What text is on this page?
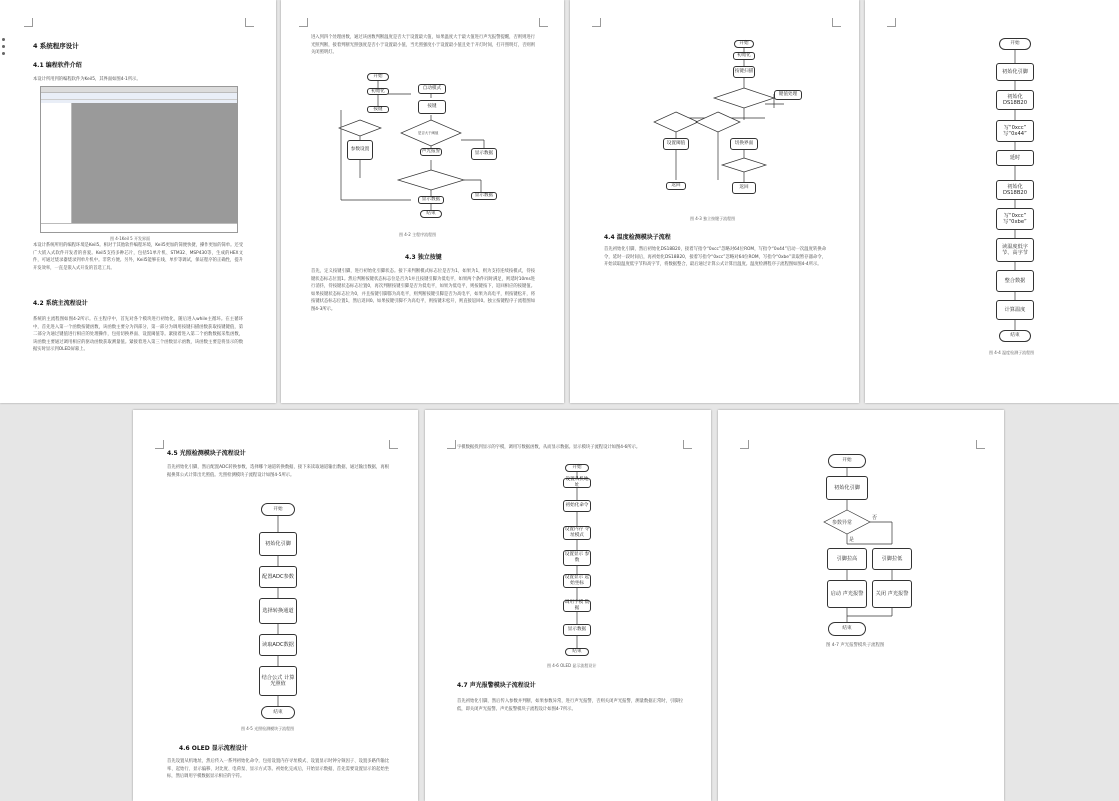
4 系统程序设计
4.1 编程软件介绍
本设计所用到的编程软件为Keil5，其界面如图4-1所示。
图 4-1Keil 5 开发界面
本设计系统所用的编程环境是Keil5。相对于其他软件编程环境，Keil5更加的简便快捷，操作更加的简单。还受广大嵌入式软件开发者的喜爱。Keil5支持多种芯片，包括51单片机、STM32、MSP430等，生成的HEX文件，可通过烧录器烧录到单片机中。非常方便。另外，Keil5能够在线、单步等调试，保证程序的正确性，提升开发效率，一直是嵌入式开发的首选工具。
4.2 系统主流程设计
系统的主流程图如图4-2所示。在主程序中，首先对各个模块进行初始化，随后进入while主循环。在主循环中，首先进入第一个函数按键函数，该函数主要分为四部分，第一部分为调用按键扫描函数获取按键键值，第二部分为通过键值进行相应的处理操作，包括切换界面、设置阈值等。紧接着进入第二个函数数据采集函数，该函数主要通过调用相应的驱动函数获取测量值。紧接着进入第三个函数显示函数，该函数主要是将显示的数据实时显示到OLED屏幕上。
进入到四个处理函数，通过该函数判断温度是否大于设置最大值，如果温度大于最大值进行声光报警提醒，否则则进行光照判断，接着判断光照强度是否小于设置最小值，当光照强度小于设置最小值且处于开灯时间，打开照明灯，否则则关闭照明灯。
开始
初始化
按键
参数设置
自动模式
按键
是否大于阈值
声光报警	显示数据
显示数据
显示数据
结束
图 4-2 主程序流程图
4.3 独立按键
首先，定义按键引脚，进行初始化引脚状态。接下来判断模式标志位是否为1，如果为1，则为支持连续按模式，待按键状态标志位置1。然后判断按键状态标志位是否为1并且按键引脚为低电平，如果两个条件同时满足，则延时10ms进行消抖，待按键状态标志位置0，再次判断按键引脚是否为低电平，如果为低电平，则按键按下，返回相应的按键值。如果按键状态标志位为0，并且按键引脚都为高电平，则判断按键引脚是否为高电平，如果为高电平，则按键松开，将按键状态标志位置1，然后返回0。如果按键引脚不为高电平，则按键未松开，则直接返回0。独立按键程序子流程图如图4-3所示。
开始
初始化
按键扫描
键值处理
设置阈值	切换界面
返回	返回
图 4-3 独立按键子流程图
4.4 温度检测模块子流程
首先初始化引脚，然后初始化DS18B20，接着写指令“0xcc”忽略对64位ROM，写指令“0x44”启动一次温度转换命令，延时一段时间后，再初始化DS18B20，接着写指令“0xcc”忽略对64位ROM，写指令“0xbe”读取暂存器命令，开始读取温度低字节和高字节，将数据整合，最后通过计算公式计算出温度。温度检测程序子流程图如图4-4所示。
开始
初始化引脚
初始化 DS18B20
写“0xcc” 写“0x44”
延时
初始化 DS18B20
写“0xcc” 写“0xbe”
读温度低字 节、高字节
整合数据
计算温度
结束
图 4-4 温度检测子流程图
4.5 光照检测模块子流程设计
首先初始化引脚，然后配置ADC转换参数，选择哪个通道转换数据，接下来读取通道输出数据，通过输出数据，再根据换算公式计算出光照值。光照检测模块子流程设计如图4-5所示。
开始
初始化引脚
配置ADC参数
选择转换通道
读取ADC数据
结合公式 计算光照值
结束
图 4-5 光照检测模块子流程图
4.6 OLED 显示流程设计
首先设置从机地址，然后传入一系列初始化命令，包括设置内存寻址模式、设置显示时钟分频因子、设置多路传输比率、起始行、显示偏移、对比度、电荷泵、显示方式等。初始化完成后，开始显示数据，首先需要设置显示的起始坐标，然后调用字模数据显示相应的字符。
字模数据找到显示的字模，调用写数据函数，从而显示数据。显示模块子流程设计如图4-6所示。
开始
设置从机地址
初始化命令
设置内存 寻址模式
设置显示 参数
设置显示 起始坐标
调用字模 数据
显示数据
结束
图 4-6 OLED 显示流程设计
4.7 声光报警模块子流程设计
首先初始化引脚，然后传入参数并判断，如果参数异常，进行声光报警，否则关闭声光报警，测量数据正常时，引脚拉低，即关闭声光报警。声光报警模块子流程设计如图4-7所示。
开始
初始化引脚
参数异常
否
是
引脚拉高	引脚拉低
启动 声光报警	关闭 声光报警
结束
图 4-7 声光报警模块子流程图
